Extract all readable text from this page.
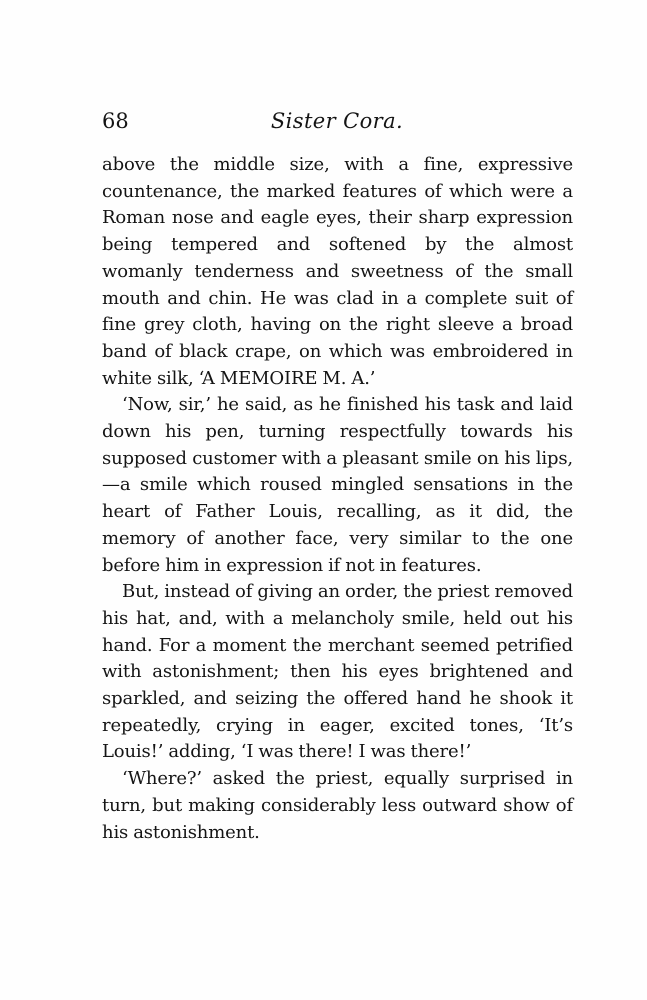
68	Sister Cora.

above the middle size, with a fine, expressive countenance, the marked features of which were a Roman nose and eagle eyes, their sharp expression being tempered and softened by the almost womanly tenderness and sweetness of the small mouth and chin. He was clad in a complete suit of fine grey cloth, having on the right sleeve a broad band of black crape, on which was embroidered in white silk, ‘A MEMOIRE M. A.’

‘Now, sir,’ he said, as he finished his task and laid down his pen, turning respectfully towards his supposed customer with a pleasant smile on his lips,—a smile which roused mingled sensations in the heart of Father Louis, recalling, as it did, the memory of another face, very similar to the one before him in expression if not in features.

But, instead of giving an order, the priest removed his hat, and, with a melancholy smile, held out his hand. For a moment the merchant seemed petrified with astonishment; then his eyes brightened and sparkled, and seizing the offered hand he shook it repeatedly, crying in eager, excited tones, ‘It’s Louis!’ adding, ‘I was there! I was there!’

‘Where?’ asked the priest, equally surprised in turn, but making considerably less outward show of his astonishment.
